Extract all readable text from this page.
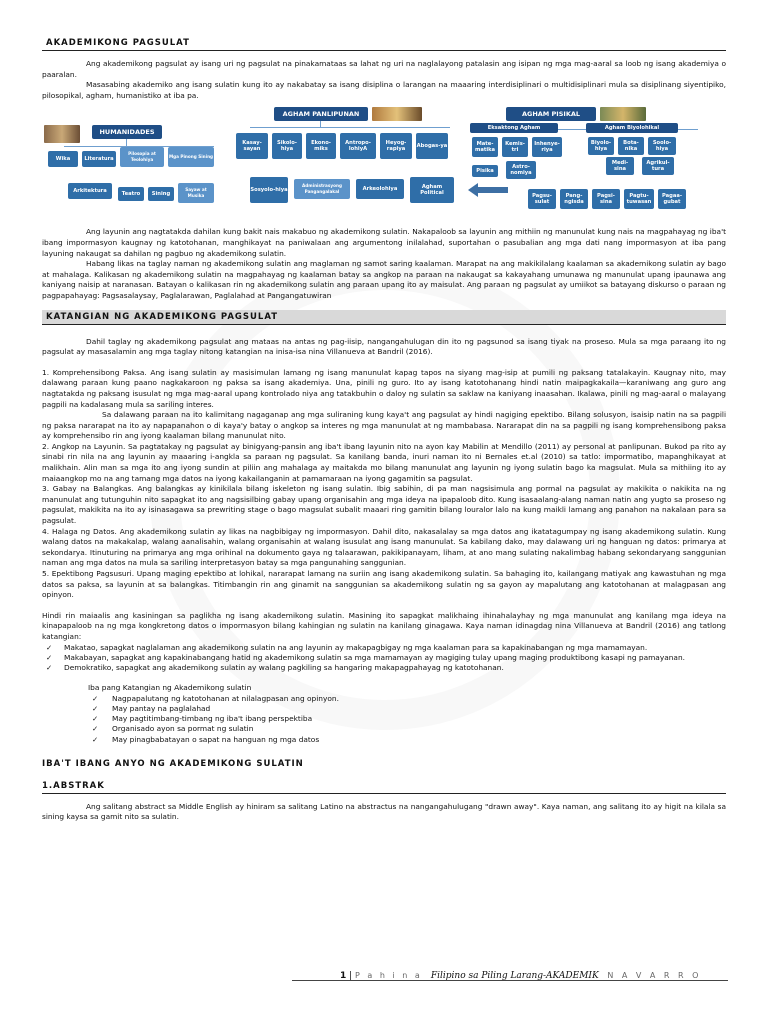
AKADEMIKONG PAGSULAT

Ang akademikong pagsulat ay isang uri ng pagsulat na pinakamataas sa lahat ng uri na naglalayong patalasin ang isipan ng mga mag-aaral sa loob ng isang akademiya o paaralan.

Masasabing akademiko ang isang sulatin kung ito ay nakabatay sa isang disiplina o larangan na maaaring interdisiplinari o multidisiplinari mula sa disiplinang siyentipiko, pilosopikal, agham, humanistiko at iba pa.

HUMANIDADES
Wika	Literatura
Pilosopia at Teolohiya
Mga Pinong Sining
Arkitektura	Teatro	Sining
Sayaw at Musika
AGHAM PANLIPUNAN
Kasay-sayan
Sikolo-hiya
Ekono-miks
Antropo-lohiyA
Heyog-rapiya	Abogas-ya
Sosyolo-hiya
Administrasyong Pangangalakal	Arkeolohiya	Agham Political
AGHAM PISIKAL
Eksaktong Agham	Agham Biyolohikal
Mate-matika
Kemis-tri
Inhenye-riya
Pisika
Astro-nomiya
Biyolo-hiya
Bota-nika
Soolo-hiya
Medi-sina
Agrikul-tura
Pagsu-sulat
Pang-ngisda
Pagsi-sina
Pagtu-tuwasan
Pagaa-gubat

Ang layunin ang nagtatakda dahilan kung bakit nais makabuo ng akademikong sulatin. Nakapaloob sa layunin ang mithiin ng manunulat kung nais na magpahayag ng iba't ibang impormasyon kaugnay ng katotohanan, manghikayat na paniwalaan ang argumentong inilalahad, suportahan o pasubalian ang mga dati nang impormasyon at iba pang layuning nakaugat sa dahilan ng pagbuo ng akademikong sulatin.

Habang likas na taglay naman ng akademikong sulatin ang maglaman ng samot saring kaalaman. Marapat na ang makikilalang kaalaman sa akademikong sulatin ay bago at mahalaga. Kalikasan ng akademikong sulatin na magpahayag ng kaalaman batay sa angkop na paraan na nakaugat sa kakayahang umunawa ng manunulat upang ipaunawa ang kaniyang naisip at naranasan. Batayan o kalikasan rin ng akademikong sulatin ang paraan upang ito ay maisulat. Ang paraan ng pagsulat ay umiikot sa batayang diskurso o paraan ng pagpapahayag: Pagsasalaysay, Paglalarawan, Paglalahad at Pangangatuwiran

KATANGIAN NG AKADEMIKONG PAGSULAT

Dahil taglay ng akademikong pagsulat ang mataas na antas ng pag-iisip, nangangahulugan din ito ng pagsunod sa isang tiyak na proseso. Mula sa mga paraang ito ng pagsulat ay masasalamin ang mga taglay nitong katangian na inisa-isa nina Villanueva at Bandril (2016).

1. Komprehensibong Paksa. Ang isang sulatin ay masisimulan lamang ng isang manunulat kapag tapos na siyang mag-isip at pumili ng paksang tatalakayin. Kaugnay nito, may dalawang paraan kung paano nagkakaroon ng paksa sa isang akademiya. Una, pinili ng guro. Ito ay isang katotohanang hindi natin maipagkakaila—karaniwang ang guro ang nagtatakda ng paksang isusulat ng mga mag-aaral upang kontrolado niya ang tatakbuhin o daloy ng sulatin sa saklaw na kaniyang inaasahan. Ikalawa, pinili ng mag-aaral o malayang pagpili na kadalasang mula sa sariling interes.

Sa dalawang paraan na ito kalimitang nagaganap ang mga suliraning kung kaya't ang pagsulat ay hindi nagiging epektibo. Bilang solusyon, isaisip natin na sa pagpili ng paksa nararapat na ito ay napapanahon o di kaya'y batay o angkop sa interes ng mga manunulat at ng mambabasa. Nararapat din na sa pagpili ng isang komprehensibong paksa ay komprehensibo rin ang iyong kaalaman bilang manunulat nito.

2. Angkop na Layunin. Sa pagtatakay ng pagsulat ay binigyang-pansin ang iba't ibang layunin nito na ayon kay Mabilin at Mendillo (2011) ay personal at panlipunan. Bukod pa rito ay sinabi rin nila na ang layunin ay maaaring i-angkla sa paraan ng pagsulat. Sa kanilang banda, inuri naman ito ni Bernales et.al (2010) sa tatlo: impormatibo, mapanghikayat at malikhain. Alin man sa mga ito ang iyong sundin at piliin ang mahalaga ay maitakda mo bilang manunulat ang layunin ng iyong sulatin bago ka magsulat. Mula sa mithiing ito ay maiaangkop mo na ang tamang mga datos na iyong kakailanganin at pamamaraan na iyong gagamitin sa pagsulat.

3. Gabay na Balangkas. Ang balangkas ay kinikilala bilang iskeleton ng isang sulatin. Ibig sabihin, di pa man nagsisimula ang pormal na pagsulat ay makikita o nakikita na ng manunulat ang tutunguhin nito sapagkat ito ang nagsisilbing gabay upang organisahin ang mga ideya na ipapaloob dito. Kung isasaalang-alang naman natin ang yugto sa proseso ng pagsulat, makikita na ito ay isinasagawa sa prewriting stage o bago magsulat subalit maaari ring gamitin bilang louralor lalo na kung maikli lamang ang panahon na nakalaan para sa pagsulat.

4. Halaga ng Datos. Ang akademikong sulatin ay likas na nagbibigay ng impormasyon. Dahil dito, nakasalalay sa mga datos ang ikatatagumpay ng isang akademikong sulatin. Kung walang datos na makakalap, walang aanalisahin, walang organisahin at walang isusulat ang isang manunulat. Sa kabilang dako, may dalawang uri ng hanguan ng datos: primarya at sekondarya. Itinuturing na primarya ang mga orihinal na dokumento gaya ng talaarawan, pakikipanayam, liham, at ano mang sulating nakalimbag habang sekondaryang sanggunian naman ang mga datos na mula sa sariling interpretasyon batay sa mga pangunahing sanggunian.

5. Epektibong Pagsusuri. Upang maging epektibo at lohikal, nararapat lamang na suriin ang isang akademikong sulatin. Sa bahaging ito, kailangang matiyak ang kawastuhan ng mga datos sa paksa, sa layunin at sa balangkas. Titimbangin rin ang ginamit na sanggunian sa akademikong sulatin ng sa gayon ay mapalutang ang katotohanan at malagpasan ang opinyon.

Hindi rin maiaalis ang kasiningan sa paglikha ng isang akademikong sulatin. Masining ito sapagkat malikhaing ihinahalayhay ng mga manunulat ang kanilang mga ideya na kinapapaloob na ng mga kongkretong datos o impormasyon bilang kahingian ng sulatin na kanilang ginagawa. Kaya naman idinagdag nina Villanueva at Bandril (2016) ang tatlong katangian:

✓ Makatao, sapagkat naglalaman ang akademikong sulatin na ang layunin ay makapagbigay ng mga kaalaman para sa kapakinabangan ng mga mamamayan.
✓ Makabayan, sapagkat ang kapakinabangang hatid ng akademikong sulatin sa mga mamamayan ay magiging tulay upang maging produktibong kasapi ng pamayanan.
✓ Demokratiko, sapagkat ang akademikong sulatin ay walang pagkiling sa hangaring makapagpahayag ng katotohanan.

Iba pang Katangian ng Akademikong sulatin

✓ Nagpapalutang ng katotohanan at nilalagpasan ang opinyon.
✓ May pantay na paglalahad
✓ May pagtitimbang-timbang ng iba't ibang perspektiba
✓ Organisado ayon sa pormat ng sulatin
✓ May pinagbabatayan o sapat na hanguan ng mga datos
IBA'T IBANG ANYO NG AKADEMIKONG SULATIN
1.ABSTRAK

Ang salitang abstract sa Middle English ay hiniram sa salitang Latino na abstractus na nangangahulugang "drawn away". Kaya naman, ang salitang ito ay higit na kilala sa sining kaysa sa gamit nito sa sulatin.

1 | P a h i n a Filipino sa Piling Larang-AKADEMIK N A V A R R O
